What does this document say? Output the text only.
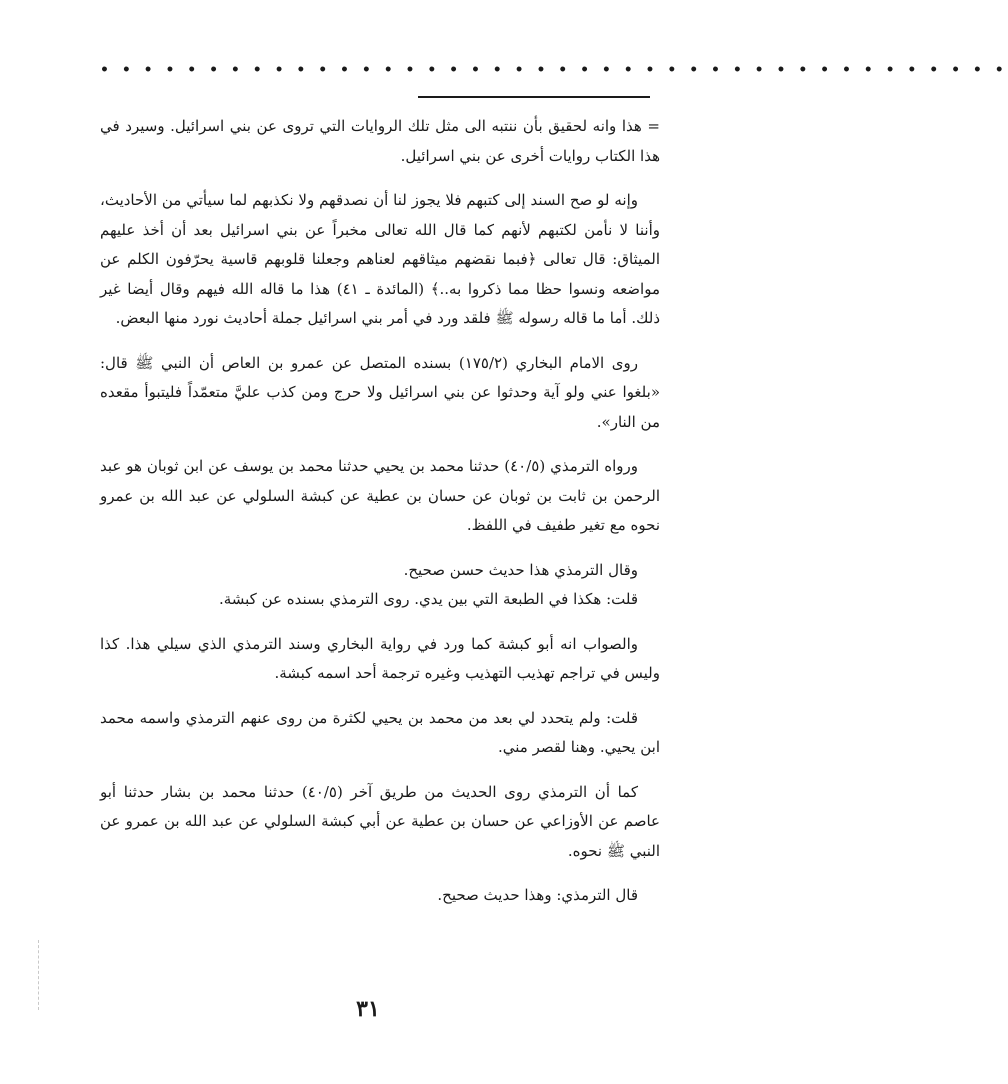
• • • • • • • • • • • • • • • • • • • • • • • • • • • • • • • • • • • • • • • • • •

= هذا وانه لحقيق بأن ننتبه الى مثل تلك الروايات التي تروى عن بني اسرائيل. وسيرد في هذا الكتاب روايات أخرى عن بني اسرائيل.

وإنه لو صح السند إلى كتبهم فلا يجوز لنا أن نصدقهم ولا نكذبهم لما سيأتي من الأحاديث، وأننا لا نأمن لكتبهم لأنهم كما قال الله تعالى مخبراً عن بني اسرائيل بعد أن أخذ عليهم الميثاق: قال تعالى ﴿فبما نقضهم ميثاقهم لعناهم وجعلنا قلوبهم قاسية يحرّفون الكلم عن مواضعه ونسوا حظا مما ذكروا به..﴾ (المائدة ـ ٤١) هذا ما قاله الله فيهم وقال أيضا غير ذلك. أما ما قاله رسوله ﷺ فلقد ورد في أمر بني اسرائيل جملة أحاديث نورد منها البعض.

روى الامام البخاري (١٧٥/٢) بسنده المتصل عن عمرو بن العاص أن النبي ﷺ قال: «بلغوا عني ولو آية وحدثوا عن بني اسرائيل ولا حرج ومن كذب عليَّ متعمّداً فليتبوأ مقعده من النار».

ورواه الترمذي (٤٠/٥) حدثنا محمد بن يحيي حدثنا محمد بن يوسف عن ابن ثوبان هو عبد الرحمن بن ثابت بن ثوبان عن حسان بن عطية عن كبشة السلولي عن عبد الله بن عمرو نحوه مع تغير طفيف في اللفظ.

وقال الترمذي هذا حديث حسن صحيح.

قلت: هكذا في الطبعة التي بين يدي. روى الترمذي بسنده عن كبشة.

والصواب انه أبو كبشة كما ورد في رواية البخاري وسند الترمذي الذي سيلي هذا. كذا وليس في تراجم تهذيب التهذيب وغيره ترجمة أحد اسمه كبشة.

قلت: ولم يتحدد لي بعد من محمد بن يحيي لكثرة من روى عنهم الترمذي واسمه محمد ابن يحيي. وهنا لقصر مني.

كما أن الترمذي روى الحديث من طريق آخر (٤٠/٥) حدثنا محمد بن بشار حدثنا أبو عاصم عن الأوزاعي عن حسان بن عطية عن أبي كبشة السلولي عن عبد الله بن عمرو عن النبي ﷺ نحوه.

قال الترمذي: وهذا حديث صحيح.

٣١
